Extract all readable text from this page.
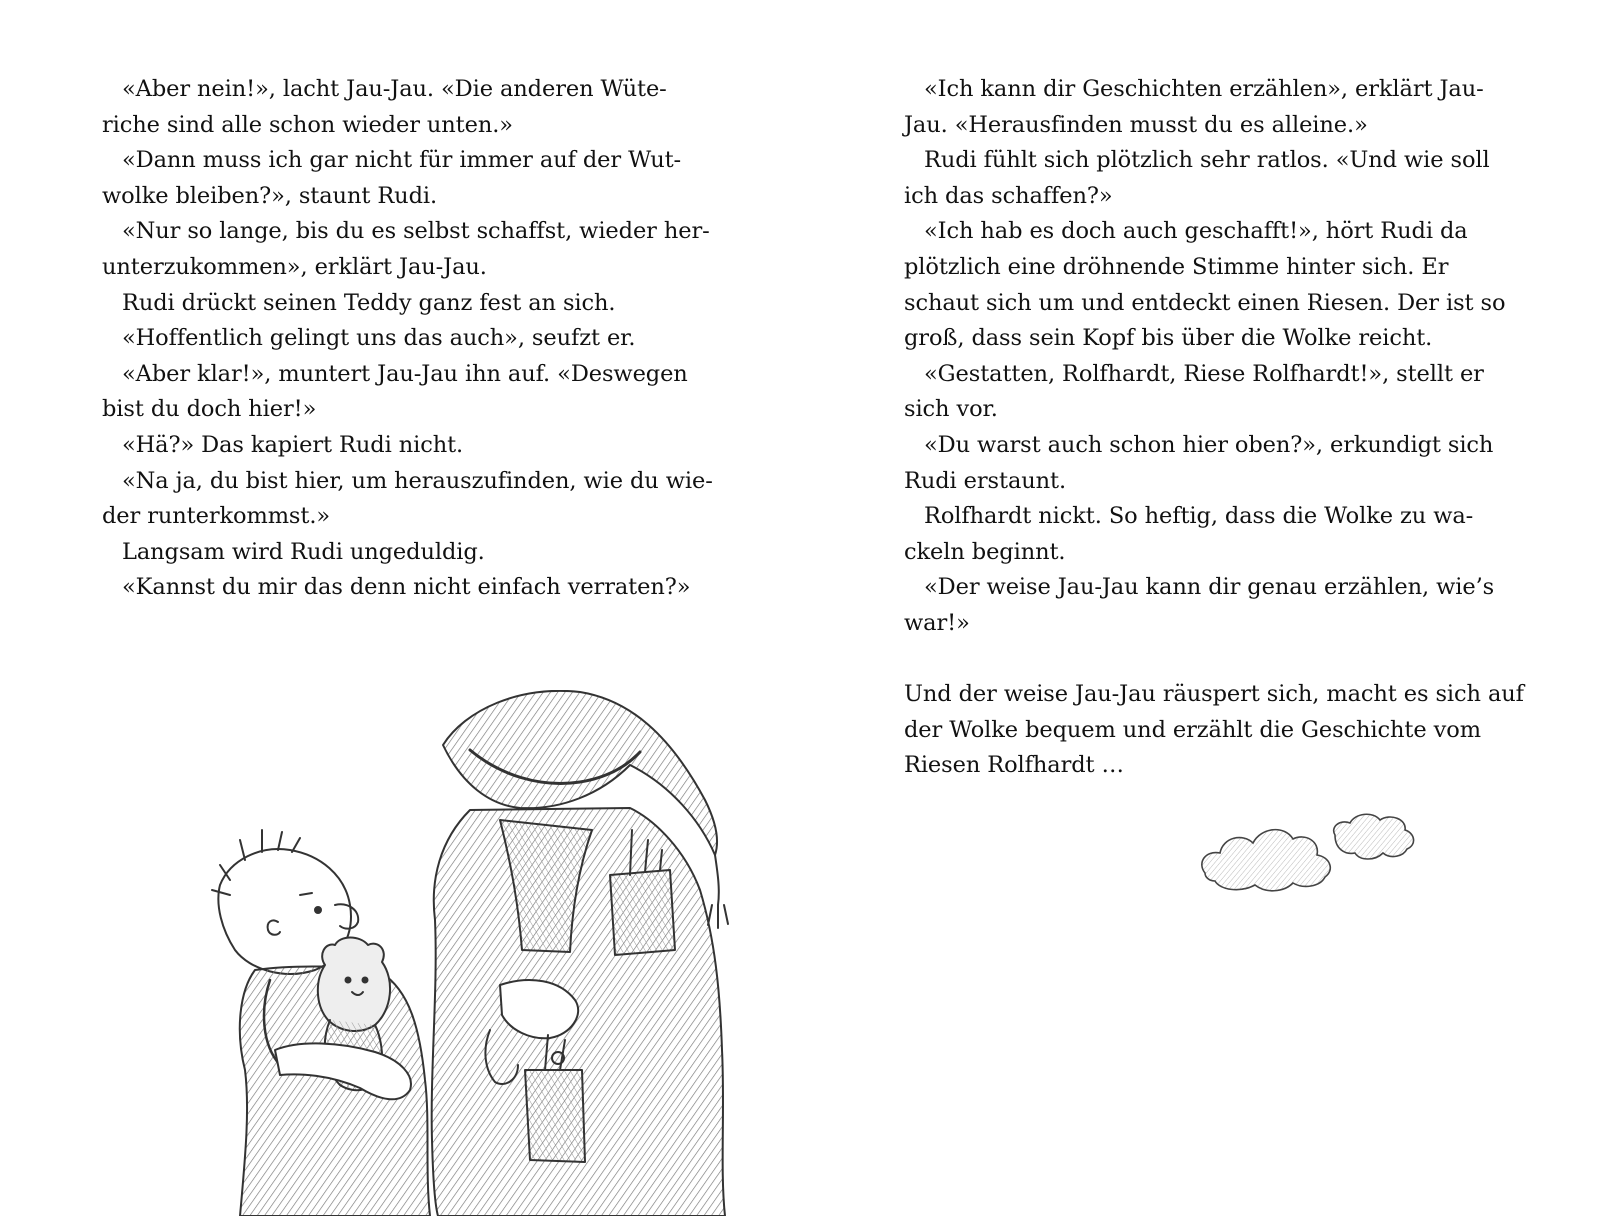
«Aber nein!», lacht Jau-Jau. «Die anderen Wüte-
riche sind alle schon wieder unten.»
«Dann muss ich gar nicht für immer auf der Wut-
wolke bleiben?», staunt Rudi.
«Nur so lange, bis du es selbst schaffst, wieder her-
unterzukommen», erklärt Jau-Jau.
Rudi drückt seinen Teddy ganz fest an sich.
«Hoffentlich gelingt uns das auch», seufzt er.
«Aber klar!», muntert Jau-Jau ihn auf. «Deswegen
bist du doch hier!»
«Hä?» Das kapiert Rudi nicht.
«Na ja, du bist hier, um herauszufinden, wie du wie-
der runterkommst.»
Langsam wird Rudi ungeduldig.
«Kannst du mir das denn nicht einfach verraten?»
«Ich kann dir Geschichten erzählen», erklärt Jau-
Jau. «Herausfinden musst du es alleine.»
Rudi fühlt sich plötzlich sehr ratlos. «Und wie soll
ich das schaffen?»
«Ich hab es doch auch geschafft!», hört Rudi da
plötzlich eine dröhnende Stimme hinter sich. Er
schaut sich um und entdeckt einen Riesen. Der ist so
groß, dass sein Kopf bis über die Wolke reicht.
«Gestatten, Rolfhardt, Riese Rolfhardt!», stellt er
sich vor.
«Du warst auch schon hier oben?», erkundigt sich
Rudi erstaunt.
Rolfhardt nickt. So heftig, dass die Wolke zu wa-
ckeln beginnt.
«Der weise Jau-Jau kann dir genau erzählen, wie’s
war!»
Und der weise Jau-Jau räuspert sich, macht es sich auf
der Wolke bequem und erzählt die Geschichte vom
Riesen Rolfhardt …
